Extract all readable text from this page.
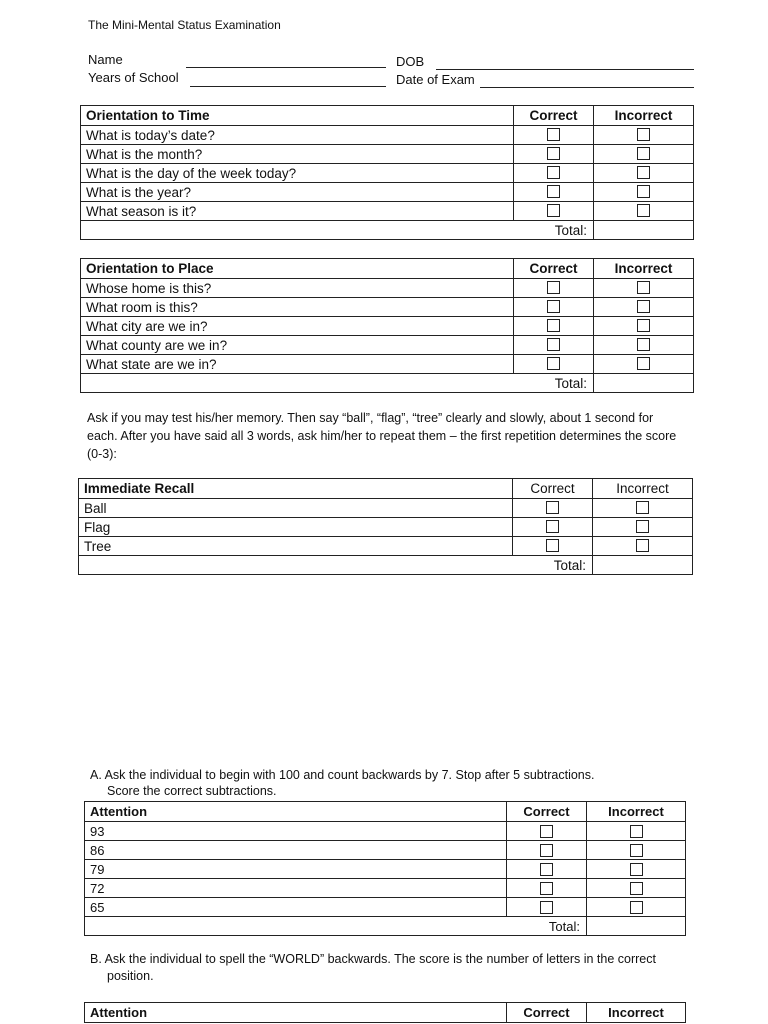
The Mini-Mental Status Examination
Name
Years of School
DOB
Date of Exam
Orientation to Time	Correct	Incorrect
What is today’s date?		
What is the month?		
What is the day of the week today?		
What is the year?		
What season is it?		
	Total:	
Orientation to Place	Correct	Incorrect
Whose home is this?		
What room is this?		
What city are we in?		
What county are we in?		
What state are we in?		
	Total:	
Ask if you may test his/her memory. Then say “ball”, “flag”, “tree” clearly and slowly, about 1 second for each. After you have said all 3 words, ask him/her to repeat them – the first repetition determines the score (0-3):
Immediate Recall	Correct	Incorrect
Ball		
Flag		
Tree		
	Total:	
A. Ask the individual to begin with 100 and count backwards by 7. Stop after 5 subtractions.
Score the correct subtractions.
Attention	Correct	Incorrect
93		
86		
79		
72		
65		
	Total:	
B. Ask the individual to spell the “WORLD” backwards. The score is the number of letters in the correct
position.
Attention	Correct	Incorrect
